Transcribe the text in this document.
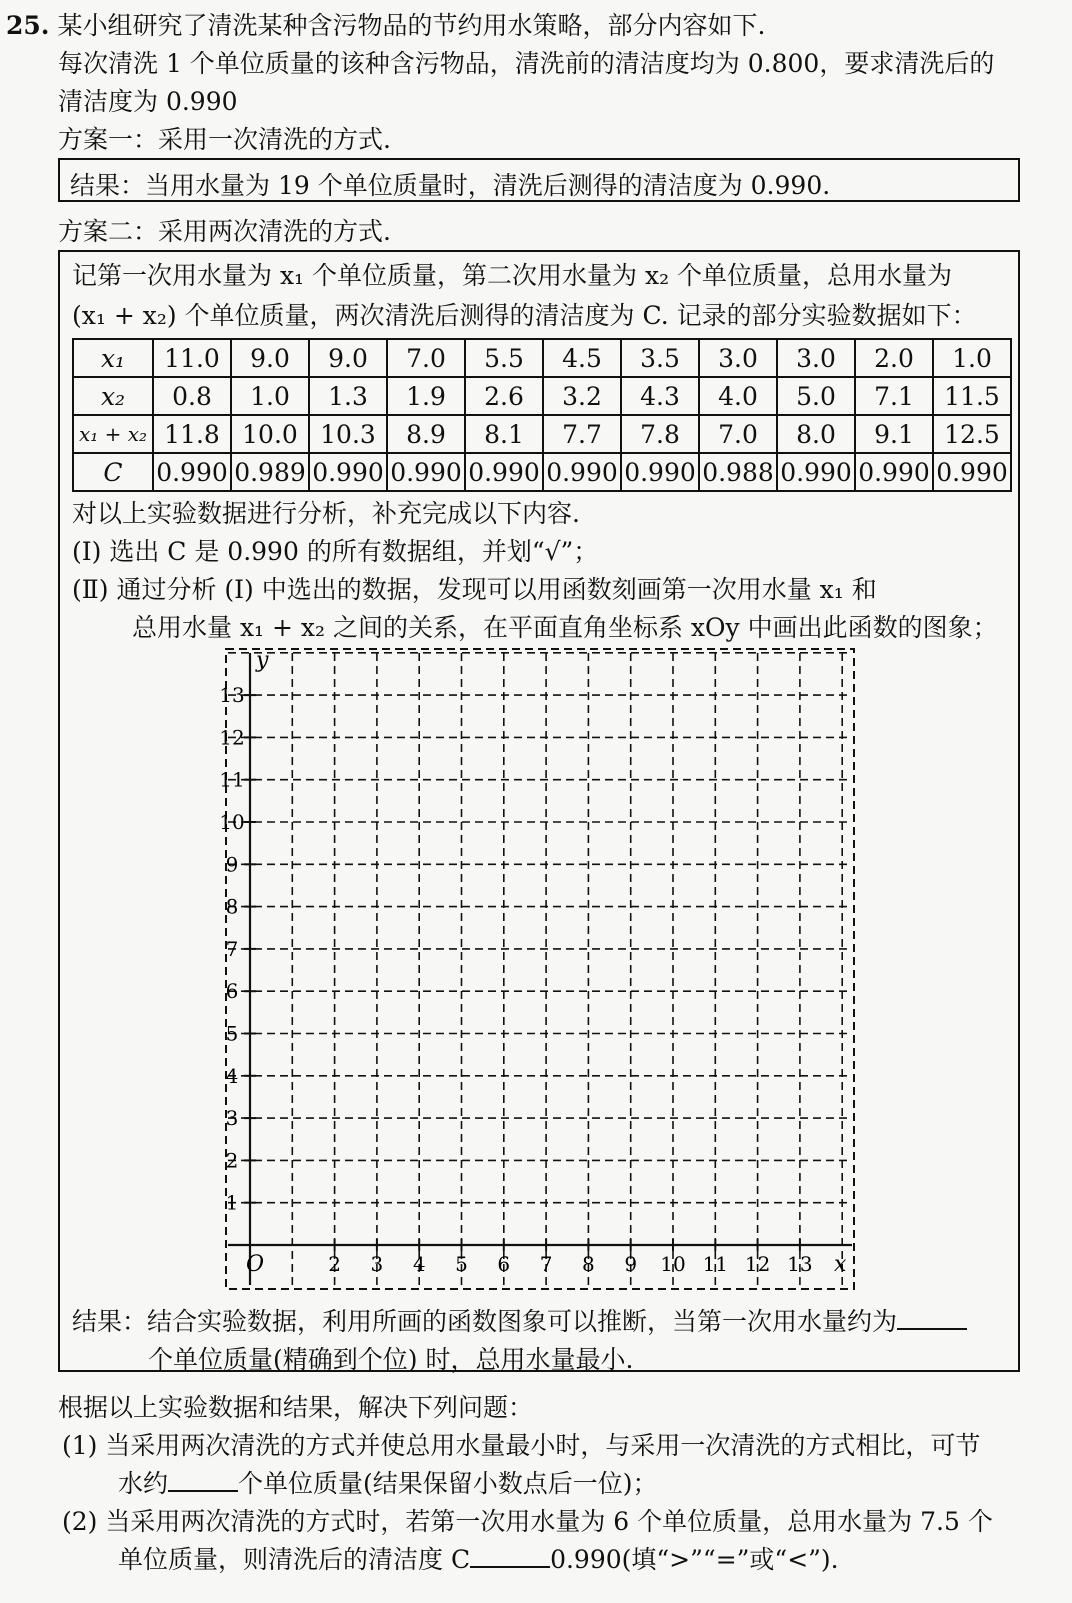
25. 某小组研究了清洗某种含污物品的节约用水策略，部分内容如下.
每次清洗 1 个单位质量的该种含污物品，清洗前的清洁度均为 0.800，要求清洗后的
清洁度为 0.990
方案一：采用一次清洗的方式.
结果：当用水量为 19 个单位质量时，清洗后测得的清洁度为 0.990.
方案二：采用两次清洗的方式.
记第一次用水量为 x₁ 个单位质量，第二次用水量为 x₂ 个单位质量，总用水量为
(x₁ + x₂) 个单位质量，两次清洗后测得的清洁度为 C. 记录的部分实验数据如下：
x₁	11.0	9.0	9.0	7.0	5.5	4.5	3.5	3.0	3.0	2.0	1.0
x₂	0.8	1.0	1.3	1.9	2.6	3.2	4.3	4.0	5.0	7.1	11.5
x₁ + x₂	11.8	10.0	10.3	8.9	8.1	7.7	7.8	7.0	8.0	9.1	12.5
C	0.990	0.989	0.990	0.990	0.990	0.990	0.990	0.988	0.990	0.990	0.990
对以上实验数据进行分析，补充完成以下内容.
(Ⅰ) 选出 C 是 0.990 的所有数据组，并划“√”；
(Ⅱ) 通过分析 (Ⅰ) 中选出的数据，发现可以用函数刻画第一次用水量 x₁ 和
总用水量 x₁ + x₂ 之间的关系，在平面直角坐标系 xOy 中画出此函数的图象；
y
x
O
1
2
3
4
5
6
7
8
9
10
11
12
13
2 3 4 5 6 7 8 9 10 11 12 13
结果：结合实验数据，利用所画的函数图象可以推断，当第一次用水量约为
个单位质量(精确到个位) 时，总用水量最小.
根据以上实验数据和结果，解决下列问题：
(1) 当采用两次清洗的方式并使总用水量最小时，与采用一次清洗的方式相比，可节
水约	个单位质量(结果保留小数点后一位)；
(2) 当采用两次清洗的方式时，若第一次用水量为 6 个单位质量，总用水量为 7.5 个
单位质量，则清洗后的清洁度 C	0.990(填“>”“=”或“<”).
